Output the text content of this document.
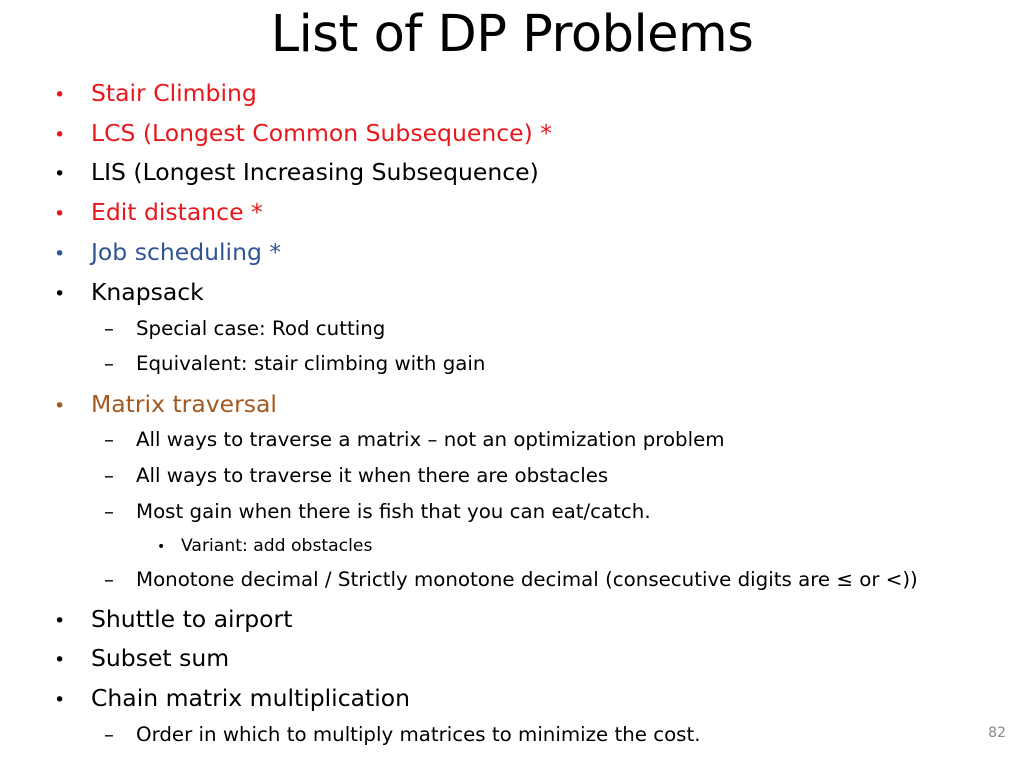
List of DP Problems
• Stair Climbing
• LCS (Longest Common Subsequence) *
• LIS (Longest Increasing Subsequence)
• Edit distance *
• Job scheduling *
• Knapsack
– Special case: Rod cutting
– Equivalent: stair climbing with gain
• Matrix traversal
– All ways to traverse a matrix – not an optimization problem
– All ways to traverse it when there are obstacles
– Most gain when there is fish that you can eat/catch.
• Variant: add obstacles
– Monotone decimal / Strictly monotone decimal (consecutive digits are ≤ or <))
• Shuttle to airport
• Subset sum
• Chain matrix multiplication
– Order in which to multiply matrices to minimize the cost.	82
